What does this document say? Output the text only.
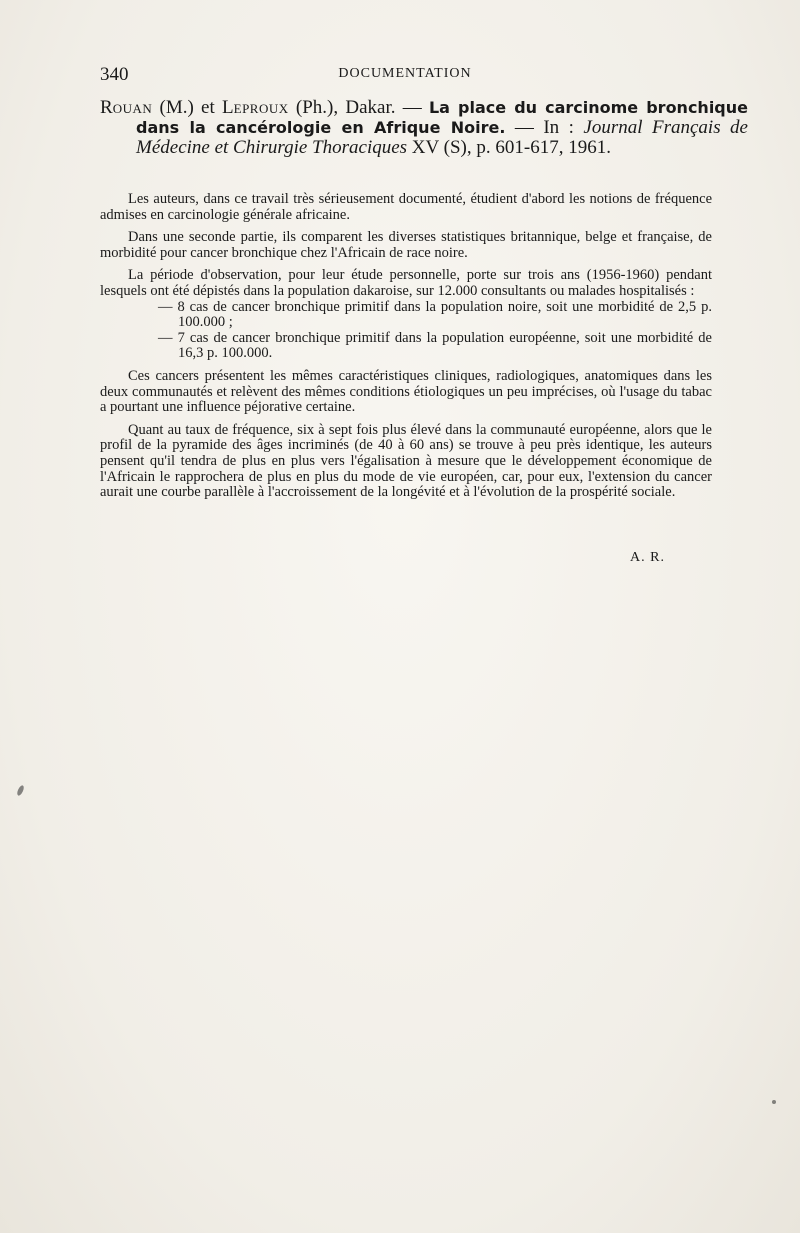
340	DOCUMENTATION
Rouan (M.) et Leproux (Ph.), Dakar. — La place du carcinome bronchique dans la cancérologie en Afrique Noire. — In : Journal Français de Médecine et Chirurgie Thoraciques XV (S), p. 601-617, 1961.

Les auteurs, dans ce travail très sérieusement documenté, étudient d'abord les notions de fréquence admises en carcinologie générale africaine.

Dans une seconde partie, ils comparent les diverses statistiques britannique, belge et française, de morbidité pour cancer bronchique chez l'Africain de race noire.

La période d'observation, pour leur étude personnelle, porte sur trois ans (1956-1960) pendant lesquels ont été dépistés dans la population dakaroise, sur 12.000 consultants ou malades hospitalisés :

— 8 cas de cancer bronchique primitif dans la population noire, soit une morbidité de 2,5 p. 100.000 ;
— 7 cas de cancer bronchique primitif dans la population européenne, soit une morbidité de 16,3 p. 100.000.

Ces cancers présentent les mêmes caractéristiques cliniques, radiologiques, anatomiques dans les deux communautés et relèvent des mêmes conditions étiologiques un peu imprécises, où l'usage du tabac a pourtant une influence péjorative certaine.

Quant au taux de fréquence, six à sept fois plus élevé dans la communauté européenne, alors que le profil de la pyramide des âges incriminés (de 40 à 60 ans) se trouve à peu près identique, les auteurs pensent qu'il tendra de plus en plus vers l'égalisation à mesure que le développement économique de l'Africain le rapprochera de plus en plus du mode de vie européen, car, pour eux, l'extension du cancer aurait une courbe parallèle à l'accroissement de la longévité et à l'évolution de la prospérité sociale.

A. R.
